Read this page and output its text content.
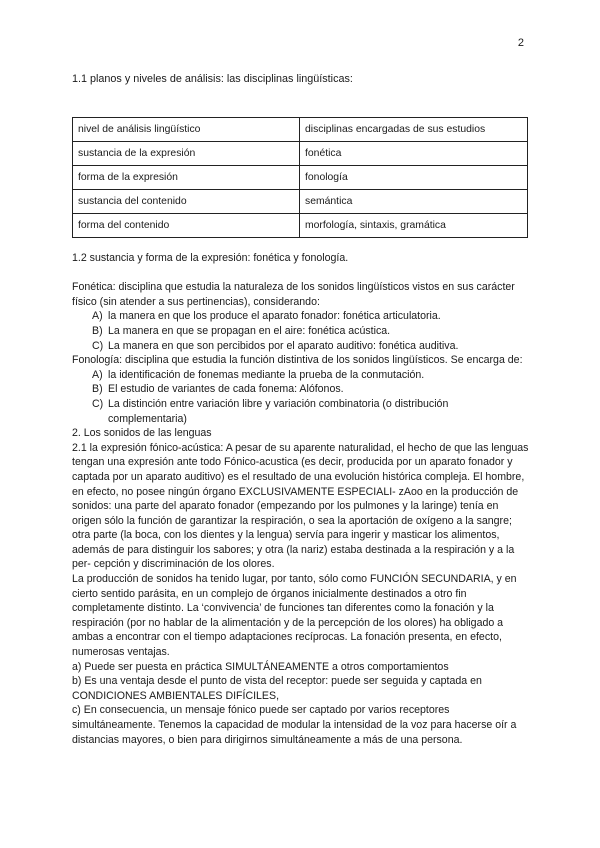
2
1.1 planos y niveles de análisis: las disciplinas lingüísticas:
nivel de análisis lingüístico	disciplinas encargadas de sus estudios
sustancia de la expresión	fonética
forma de la expresión	fonología
sustancia del contenido	semántica
forma del contenido	morfología, sintaxis, gramática

1.2 sustancia y forma de la expresión: fonética y fonología.

Fonética: disciplina que estudia la naturaleza de los sonidos lingüísticos vistos en sus carácter físico (sin atender a sus pertinencias), considerando:

A) la manera en que los produce el aparato fonador: fonética articulatoria.
B) La manera en que se propagan en el aire: fonética acústica.
C) La manera en que son percibidos por el aparato auditivo: fonética auditiva.

Fonología: disciplina que estudia la función distintiva de los sonidos lingüísticos. Se encarga de:

A) la identificación de fonemas mediante la prueba de la conmutación.
B) El estudio de variantes de cada fonema: Alófonos.
C) La distinción entre variación libre y variación combinatoria (o distribución complementaria)

2. Los sonidos de las lenguas

2.1 la expresión fónico-acústica: A pesar de su aparente naturalidad, el hecho de que las lenguas tengan una expresión ante todo Fónico-acustica (es decir, producida por un aparato fonador y captada por un aparato auditivo) es el resultado de una evolución histórica compleja. El hombre, en efecto, no posee ningún órgano EXCLUSIVAMENTE ESPECIALI- zAoo en la producción de sonidos: una parte del aparato fonador (empezando por los pulmones y la laringe) tenía en origen sólo la función de garantizar la respiración, o sea la aportación de oxígeno a la sangre; otra parte (la boca, con los dientes y la lengua) servía para ingerir y masticar los alimentos, además de para distinguir los sabores; y otra (la nariz) estaba destinada a la respiración y a la per- cepción y discriminación de los olores.

La producción de sonidos ha tenido lugar, por tanto, sólo como FUNCIÓN SECUNDARIA, y en cierto sentido parásita, en un complejo de órganos inicialmente destinados a otro fin completamente distinto. La ‘convivencia’ de funciones tan diferentes como la fonación y la respiración (por no hablar de la alimentación y de la percepción de los olores) ha obligado a ambas a encontrar con el tiempo adaptaciones recíprocas. La fonación presenta, en efecto, numerosas ventajas.

a) Puede ser puesta en práctica SIMULTÁNEAMENTE a otros comportamientos

b) Es una ventaja desde el punto de vista del receptor: puede ser seguida y captada en CONDICIONES AMBIENTALES DIFÍCILES,

c) En consecuencia, un mensaje fónico puede ser captado por varios receptores simultáneamente. Tenemos la capacidad de modular la intensidad de la voz para hacerse oír a distancias mayores, o bien para dirigirnos simultáneamente a más de una persona.
